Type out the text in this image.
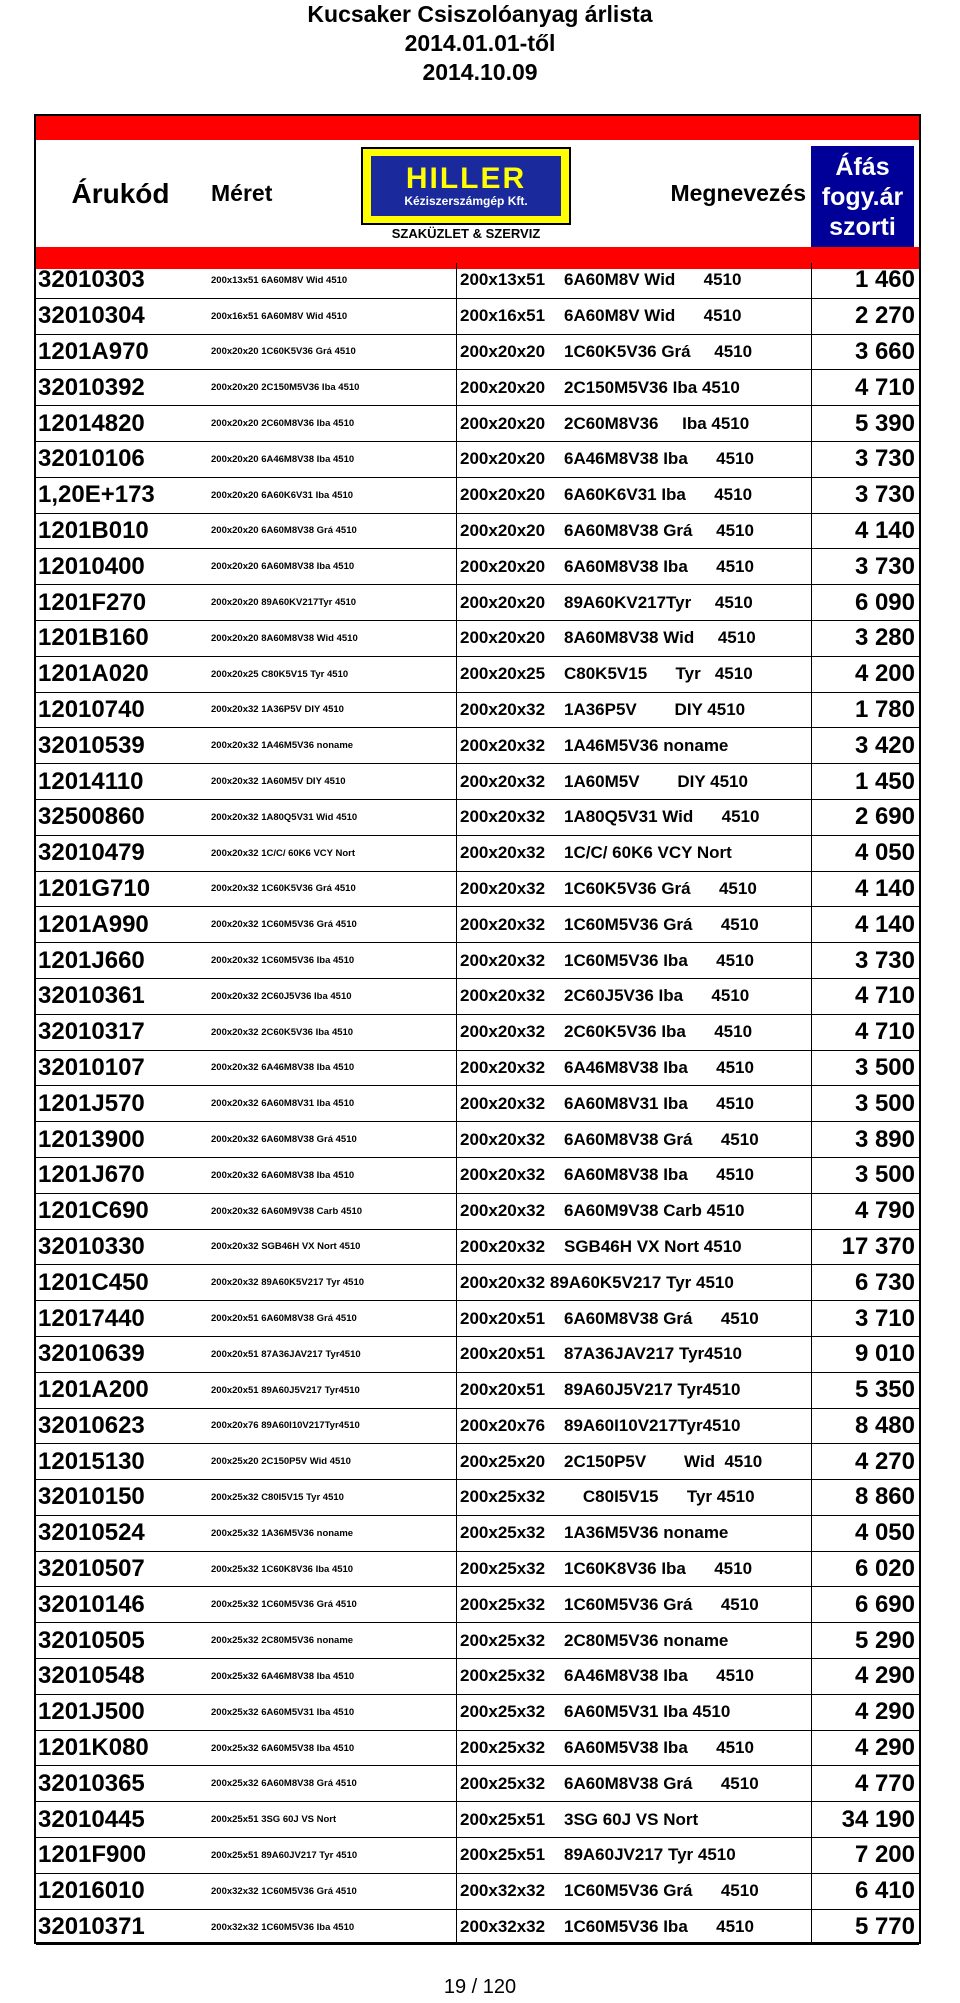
Kucsaker Csiszolóanyag árlista
2014.01.01-től
2014.10.09
Árukód	Méret	HILLER
Kéziszerszámgép Kft.
SZAKÜZLET & SZERVIZ
Megnevezés
Áfás
fogy.ár
szorti
32010303	200x13x51 6A60M8V Wid 4510	200x13x51    6A60M8V Wid      4510	1 460
32010304	200x16x51 6A60M8V Wid 4510	200x16x51    6A60M8V Wid      4510	2 270
1201A970	200x20x20 1C60K5V36 Grá 4510	200x20x20    1C60K5V36 Grá     4510	3 660
32010392	200x20x20 2C150M5V36 Iba 4510	200x20x20    2C150M5V36 Iba 4510	4 710
12014820	200x20x20 2C60M8V36 Iba 4510	200x20x20    2C60M8V36     Iba 4510	5 390
32010106	200x20x20 6A46M8V38 Iba 4510	200x20x20    6A46M8V38 Iba      4510	3 730
1,20E+173	200x20x20 6A60K6V31 Iba 4510	200x20x20    6A60K6V31 Iba      4510	3 730
1201B010	200x20x20 6A60M8V38 Grá 4510	200x20x20    6A60M8V38 Grá     4510	4 140
12010400	200x20x20 6A60M8V38 Iba 4510	200x20x20    6A60M8V38 Iba      4510	3 730
1201F270	200x20x20 89A60KV217Tyr 4510	200x20x20    89A60KV217Tyr     4510	6 090
1201B160	200x20x20 8A60M8V38 Wid 4510	200x20x20    8A60M8V38 Wid     4510	3 280
1201A020	200x20x25 C80K5V15 Tyr 4510	200x20x25    C80K5V15      Tyr   4510	4 200
12010740	200x20x32 1A36P5V DIY 4510	200x20x32    1A36P5V        DIY 4510	1 780
32010539	200x20x32 1A46M5V36 noname	200x20x32    1A46M5V36 noname	3 420
12014110	200x20x32 1A60M5V DIY 4510	200x20x32    1A60M5V        DIY 4510	1 450
32500860	200x20x32 1A80Q5V31 Wid 4510	200x20x32    1A80Q5V31 Wid      4510	2 690
32010479	200x20x32 1C/C/ 60K6 VCY Nort	200x20x32    1C/C/ 60K6 VCY Nort	4 050
1201G710	200x20x32 1C60K5V36 Grá 4510	200x20x32    1C60K5V36 Grá      4510	4 140
1201A990	200x20x32 1C60M5V36 Grá 4510	200x20x32    1C60M5V36 Grá      4510	4 140
1201J660	200x20x32 1C60M5V36 Iba 4510	200x20x32    1C60M5V36 Iba      4510	3 730
32010361	200x20x32 2C60J5V36 Iba 4510	200x20x32    2C60J5V36 Iba      4510	4 710
32010317	200x20x32 2C60K5V36 Iba 4510	200x20x32    2C60K5V36 Iba      4510	4 710
32010107	200x20x32 6A46M8V38 Iba 4510	200x20x32    6A46M8V38 Iba      4510	3 500
1201J570	200x20x32 6A60M8V31 Iba 4510	200x20x32    6A60M8V31 Iba      4510	3 500
12013900	200x20x32 6A60M8V38 Grá 4510	200x20x32    6A60M8V38 Grá      4510	3 890
1201J670	200x20x32 6A60M8V38 Iba 4510	200x20x32    6A60M8V38 Iba      4510	3 500
1201C690	200x20x32 6A60M9V38 Carb 4510	200x20x32    6A60M9V38 Carb 4510	4 790
32010330	200x20x32 SGB46H VX Nort 4510	200x20x32    SGB46H VX Nort 4510	17 370
1201C450	200x20x32 89A60K5V217 Tyr 4510	200x20x32 89A60K5V217 Tyr 4510	6 730
12017440	200x20x51 6A60M8V38 Grá 4510	200x20x51    6A60M8V38 Grá      4510	3 710
32010639	200x20x51 87A36JAV217 Tyr4510	200x20x51    87A36JAV217 Tyr4510	9 010
1201A200	200x20x51 89A60J5V217 Tyr4510	200x20x51    89A60J5V217 Tyr4510	5 350
32010623	200x20x76 89A60I10V217Tyr4510	200x20x76    89A60I10V217Tyr4510	8 480
12015130	200x25x20 2C150P5V Wid 4510	200x25x20    2C150P5V        Wid  4510	4 270
32010150	200x25x32 C80I5V15 Tyr 4510	200x25x32        C80I5V15      Tyr 4510	8 860
32010524	200x25x32 1A36M5V36 noname	200x25x32    1A36M5V36 noname	4 050
32010507	200x25x32 1C60K8V36 Iba 4510	200x25x32    1C60K8V36 Iba      4510	6 020
32010146	200x25x32 1C60M5V36 Grá 4510	200x25x32    1C60M5V36 Grá      4510	6 690
32010505	200x25x32 2C80M5V36 noname	200x25x32    2C80M5V36 noname	5 290
32010548	200x25x32 6A46M8V38 Iba 4510	200x25x32    6A46M8V38 Iba      4510	4 290
1201J500	200x25x32 6A60M5V31 Iba 4510	200x25x32    6A60M5V31 Iba 4510	4 290
1201K080	200x25x32 6A60M5V38 Iba 4510	200x25x32    6A60M5V38 Iba      4510	4 290
32010365	200x25x32 6A60M8V38 Grá 4510	200x25x32    6A60M8V38 Grá      4510	4 770
32010445	200x25x51 3SG 60J VS Nort	200x25x51    3SG 60J VS Nort	34 190
1201F900	200x25x51 89A60JV217 Tyr 4510	200x25x51    89A60JV217 Tyr 4510	7 200
12016010	200x32x32 1C60M5V36 Grá 4510	200x32x32    1C60M5V36 Grá      4510	6 410
32010371	200x32x32 1C60M5V36 Iba 4510	200x32x32    1C60M5V36 Iba      4510	5 770
19 / 120
